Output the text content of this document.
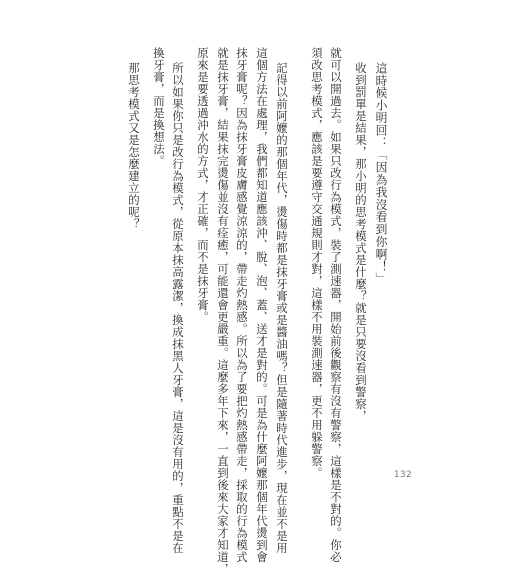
這時候小明回：「因為我沒看到你啊！」

收到罰單是結果，那小明的思考模式是什麼？就是只要沒看到警察，

就可以開過去。如果只改行為模式，裝了測速器，開始前後觀察有沒有警察，這樣是不對的。你必

須改思考模式，應該是要遵守交通規則才對，這樣不用裝測速器，更不用躲警察。

記得以前阿嬤的那個年代，燙傷時都是抹牙膏或是醬油嗎？但是隨著時代進步，現在並不是用

這個方法在處理，我們都知道應該沖、脫、泡、蓋、送才是對的。可是為什麼阿嬤那個年代燙到會

抹牙膏呢？因為抹牙膏皮膚感覺涼涼的，帶走灼熱感。所以為了要把灼熱感帶走，採取的行為模式

就是抹牙膏，結果抹完燙傷並沒有痊癒，可能還會更嚴重。這麼多年下來，一直到後來大家才知道，

原來是要透過沖水的方式，才正確，而不是抹牙膏。

所以如果你只是改行為模式，從原本抹高露潔，換成抹黑人牙膏，這是沒有用的，重點不是在

換牙膏，而是換想法。

那思考模式又是怎麼建立的呢？

132
